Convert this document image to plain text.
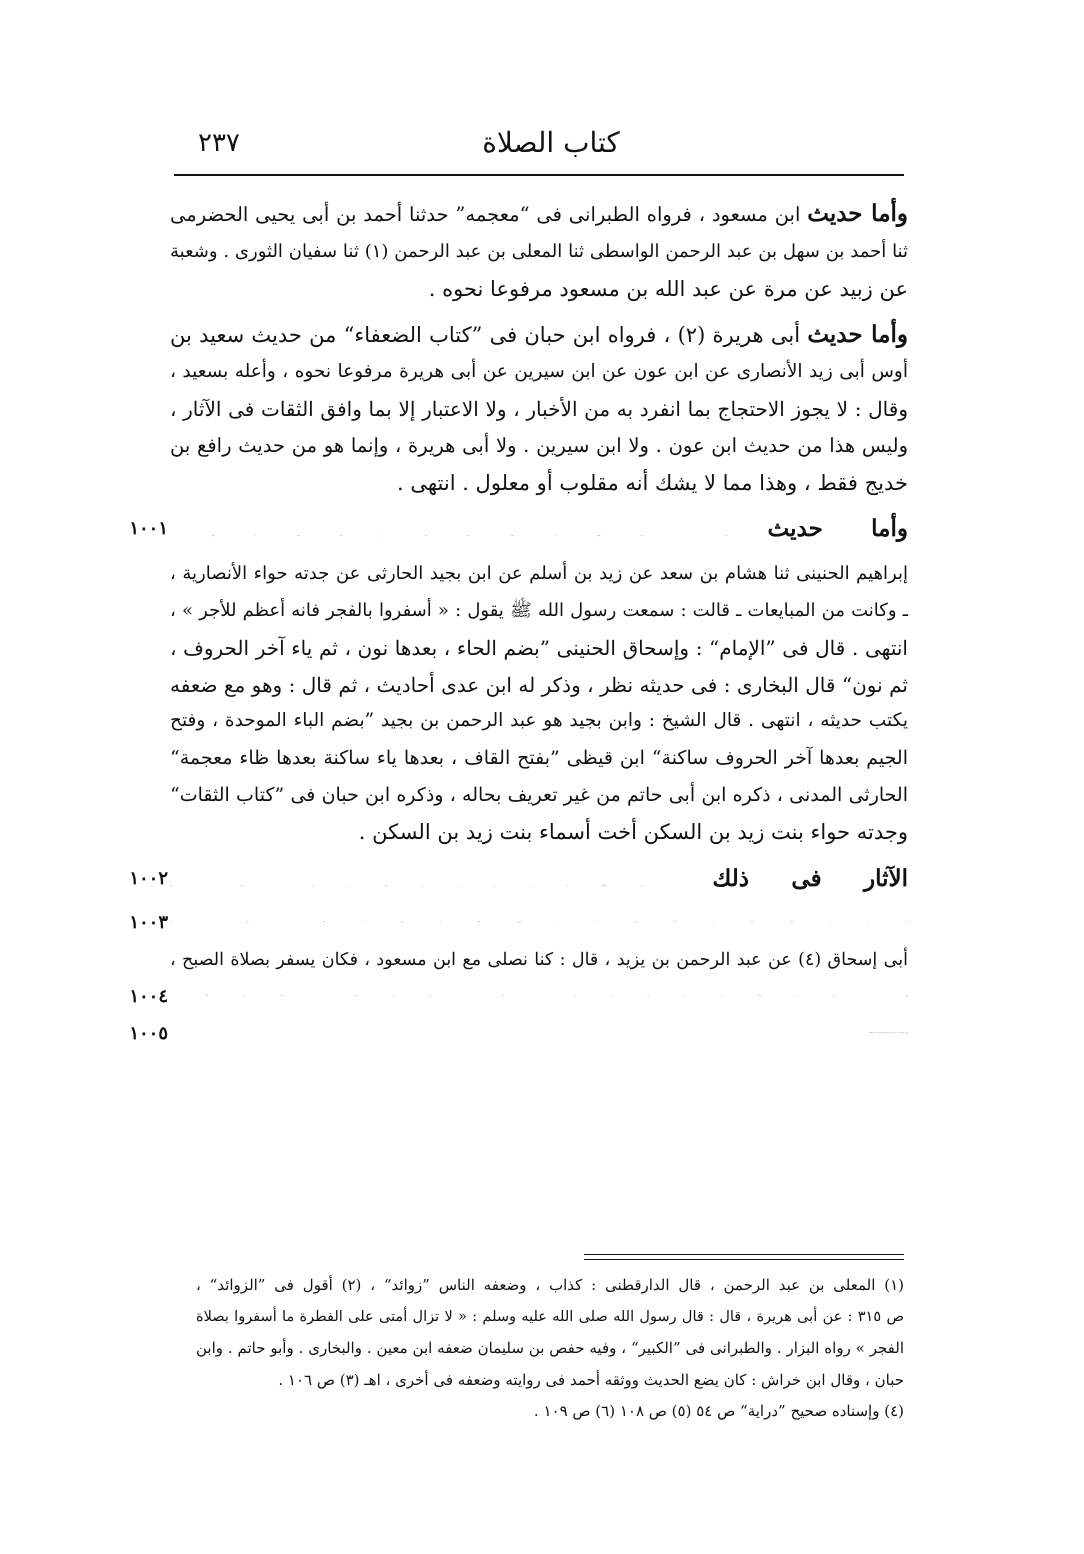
كتاب الصلاة
٢٣٧
وأما حديث ابن مسعود ، فرواه الطبرانى فى “معجمه” حدثنا أحمد بن أبى يحيى الحضرمى
ثنا أحمد بن سهل بن عبد الرحمن الواسطى ثنا المعلى بن عبد الرحمن (١) ثنا سفيان الثورى . وشعبة
عن زبيد عن مرة عن عبد الله بن مسعود مرفوعا نحوه .
وأما حديث أبى هريرة (٢) ، فرواه ابن حبان فى ”كتاب الضعفاء“ من حديث سعيد بن
أوس أبى زيد الأنصارى عن ابن عون عن ابن سيرين عن أبى هريرة مرفوعا نحوه ، وأعله بسعيد ،
وقال : لا يجوز الاحتجاج بما انفرد به من الأخبار ، ولا الاعتبار إلا بما وافق الثقات فى الآثار ،
وليس هذا من حديث ابن عون . ولا ابن سيرين . ولا أبى هريرة ، وإنما هو من حديث رافع بن
خديج فقط ، وهذا مما لا يشك أنه مقلوب أو معلول . انتهى .
وأما حديث حواء ، فرواه الطبرانى فى “معجمه” حدثنا أحمد بن محمد الجحى ثنا إسحاق بن
١٠٠١
إبراهيم الحنينى ثنا هشام بن سعد عن زيد بن أسلم عن ابن بجيد الحارثى عن جدته حواء الأنصارية ،
ـ وكانت من المبايعات ـ قالت : سمعت رسول الله ﷺ يقول : « أسفروا بالفجر فانه أعظم للأجر » ،
انتهى . قال فى ”الإمام“ : وإسحاق الحنينى ”بضم الحاء ، بعدها نون ، ثم ياء آخر الحروف ،
ثم نون“ قال البخارى : فى حديثه نظر ، وذكر له ابن عدى أحاديث ، ثم قال : وهو مع ضعفه
يكتب حديثه ، انتهى . قال الشيخ : وابن بجيد هو عبد الرحمن بن بجيد ”بضم الباء الموحدة ، وفتح
الجيم بعدها آخر الحروف ساكنة“ ابن قيظى ”بفتح القاف ، بعدها ياء ساكنة بعدها ظاء معجمة“
الحارثى المدنى ، ذكره ابن أبى حاتم من غير تعريف بحاله ، وذكره ابن حبان فى ”كتاب الثقات“
وجدته حواء بنت زيد بن السكن أخت أسماء بنت زيد بن السكن .
الآثار فى ذلك ، أخرج الطحاوى (٣) عن داود بن يزيد الأودى عن أبيه ، قال : كان
١٠٠٢
على بن أبى طالب يصلى بنا الفجر ونحن نترا آى الشمس مخافة أن تكون قد طلعت ، انتهى . وعن
١٠٠٣
أبى إسحاق (٤) عن عبد الرحمن بن يزيد ، قال : كنا نصلى مع ابن مسعود ، فكان يسفر بصلاة الصبح ،
انتهى . وعن أبى الزاهرية (٥) عن جبير بن نفير ، قال : قال أبو الدرداء : أسفروا بهذه الصلاة ،
١٠٠٤
انتهى . وعن القعنبى (٦) عن عيسى بن يونس عن الأعمش عن إبراهيم ، قال : ما اجتمع أصحاب
١٠٠٥
(١) المعلى بن عبد الرحمن ، قال الدارقطنى : كذاب ، وضعفه الناس ”زوائد“ ، (٢) أقول فى ”الزوائد“ ،
ص ٣١٥ : عن أبى هريرة ، قال : قال رسول الله صلى الله عليه وسلم : « لا تزال أمتى على الفطرة ما أسفروا بصلاة
الفجر » رواه البزار . والطبرانى فى ”الكبير“ ، وفيه حفص بن سليمان ضعفه ابن معين . والبخارى . وأبو حاتم . وابن
حبان ، وقال ابن خراش : كان يضع الحديث ووثقه أحمد فى روايته وضعفه فى أخرى ، اهـ (٣) ص ١٠٦ .
(٤) وإسناده صحيح ”دراية“ ص ٥٤ (٥) ص ١٠٨ (٦) ص ١٠٩ .
